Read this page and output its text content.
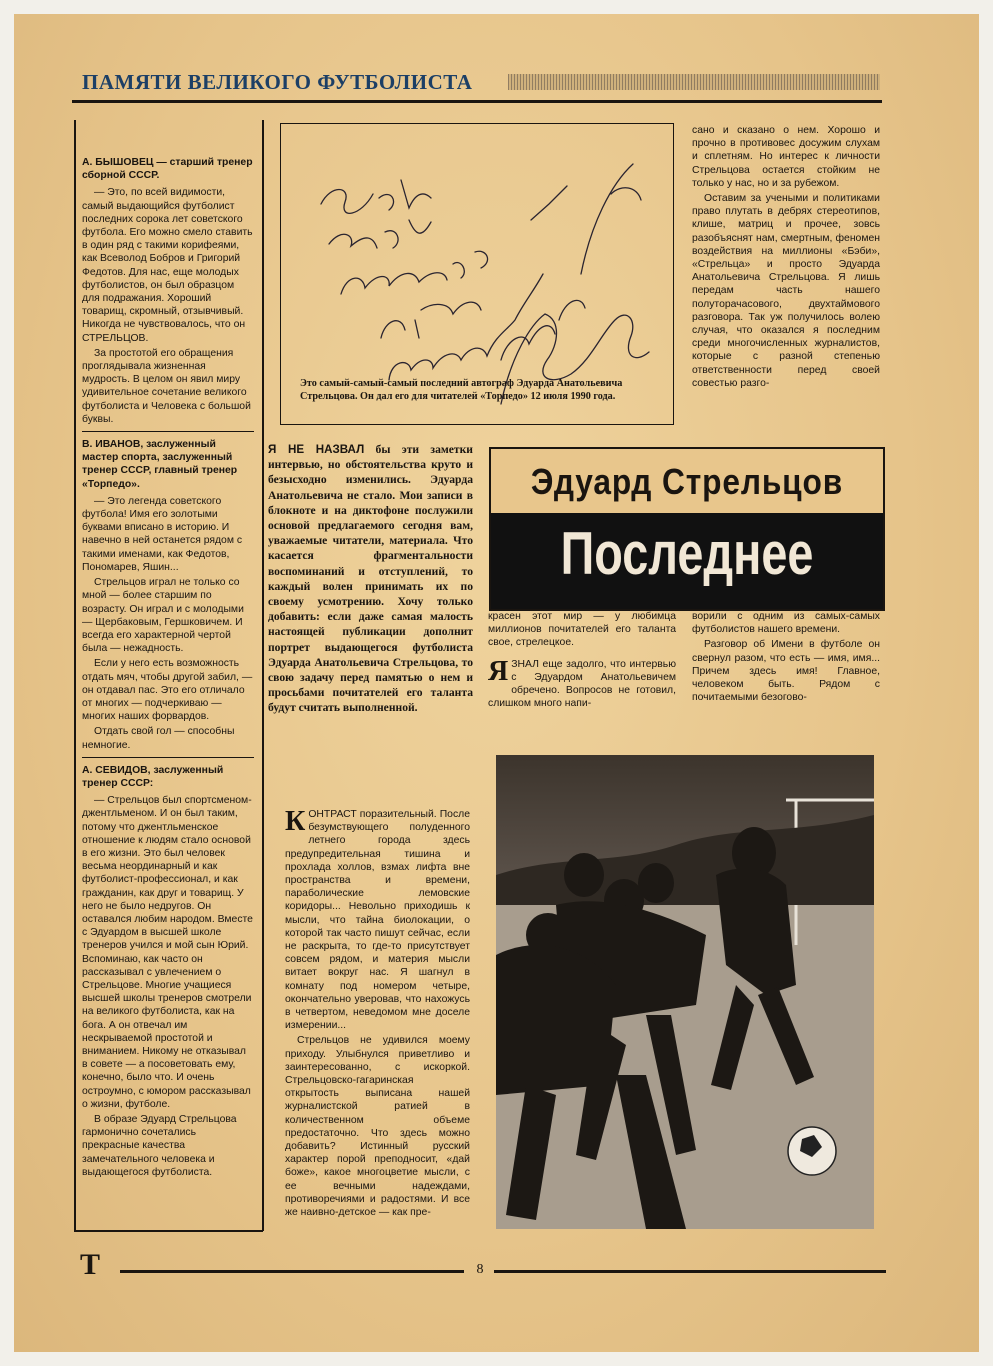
ПАМЯТИ ВЕЛИКОГО ФУТБОЛИСТА
А. БЫШОВЕЦ — старший тренер сборной СССР.

— Это, по всей видимости, самый выдающийся футболист последних сорока лет советского футбола. Его можно смело ставить в один ряд с такими корифеями, как Всеволод Бобров и Григорий Федотов. Для нас, еще молодых футболистов, он был образцом для подражания. Хороший товарищ, скромный, отзывчивый. Никогда не чувствовалось, что он СТРЕЛЬЦОВ.

За простотой его обращения проглядывала жизненная мудрость. В целом он явил миру удивительное сочетание великого футболиста и Человека с большой буквы.

В. ИВАНОВ, заслуженный мастер спорта, заслуженный тренер СССР, главный тренер «Торпедо».

— Это легенда советского футбола! Имя его золотыми буквами вписано в историю. И навечно в ней останется рядом с такими именами, как Федотов, Пономарев, Яшин...

Стрельцов играл не только со мной — более старшим по возрасту. Он играл и с молодыми — Щербаковым, Гершковичем. И всегда его характерной чертой была — нежадность.

Если у него есть возможность отдать мяч, чтобы другой забил, — он отдавал пас. Это его отличало от многих — подчеркиваю — многих наших форвардов.

Отдать свой гол — способны немногие.

А. СЕВИДОВ, заслуженный тренер СССР:

— Стрельцов был спортсменом-джентльменом. И он был таким, потому что джентльменское отношение к людям стало основой в его жизни. Это был человек весьма неординарный и как футболист-профессионал, и как гражданин, как друг и товарищ. У него не было недругов. Он оставался любим народом. Вместе с Эдуардом в высшей школе тренеров учился и мой сын Юрий. Вспоминаю, как часто он рассказывал с увлечением о Стрельцове. Многие учащиеся высшей школы тренеров смотрели на великого футболиста, как на бога. А он отвечал им нескрываемой простотой и вниманием. Никому не отказывал в совете — а посоветовать ему, конечно, было что. И очень остроумно, с юмором рассказывал о жизни, футболе.

В образе Эдуард Стрельцова гармонично сочетались прекрасные качества замечательного человека и выдающегося футболиста.

Это самый-самый-самый последний автограф Эдуарда Анатольевича Стрельцова. Он дал его для читателей «Торпедо» 12 июля 1990 года.
Я НЕ НАЗВАЛ бы эти заметки интервью, но обстоятельства круто и безысходно изменились. Эдуарда Анатольевича не стало. Мои записи в блокноте и на диктофоне послужили основой предлагаемого сегодня вам, уважаемые читатели, материала. Что касается фрагментальности воспоминаний и отступлений, то каждый волен принимать их по своему усмотрению. Хочу только добавить: если даже самая малость настоящей публикации дополнит портрет выдающегося футболиста Эдуарда Анатольевича Стрельцова, то свою задачу перед памятью о нем и просьбами почитателей его таланта будут считать выполненной.

сано и сказано о нем. Хорошо и прочно в противовес досужим слухам и сплетням. Но интерес к личности Стрельцова остается стойким не только у нас, но и за рубежом.

Оставим за учеными и политиками право плутать в дебрях стереотипов, клише, матриц и прочее, зовсь разобъяснят нам, смертным, феномен воздействия на миллионы «Бэби», «Стрельца» и просто Эдуарда Анатольевича Стрельцова. Я лишь передам часть нашего полуторачасового, двухтаймового разговора. Так уж получилось волею случая, что оказался я последним среди многочисленных журналистов, которые с разной степенью ответственности перед своей совестью разго-

Эдуард Стрельцов
Последнее

красен этот мир — у любимца миллионов почитателей его таланта свое, стрелецкое.

ЯЗНАЛ еще задолго, что интервью с Эдуардом Анатольевичем обречено. Вопросов не готовил, слишком много напи-

ворили с одним из самых-самых футболистов нашего времени.

Разговор об Имени в футболе он свернул разом, что есть — имя, имя... Причем здесь имя! Главное, человеком быть. Рядом с почитаемыми безогово-

КОНТРАСТ поразительный. После безумствующего полуденного летнего города здесь предупредительная тишина и прохлада холлов, взмах лифта вне пространства и времени, параболические лемовские коридоры... Невольно приходишь к мысли, что тайна биолокации, о которой так часто пишут сейчас, если не раскрыта, то где-то присутствует совсем рядом, и материя мысли витает вокруг нас. Я шагнул в комнату под номером четыре, окончательно уверовав, что нахожусь в четвертом, неведомом мне доселе измерении...

Стрельцов не удивился моему приходу. Улыбнулся приветливо и заинтересованно, с искоркой. Стрельцовско-гагаринская открытость выписана нашей журналистской ратией в количественном объеме предостаточно. Что здесь можно добавить? Истинный русский характер порой преподносит, «дай боже», какое многоцветие мысли, с ее вечными надеждами, противоречиями и радостями. И все же наивно-детское — как пре-

Т	8
